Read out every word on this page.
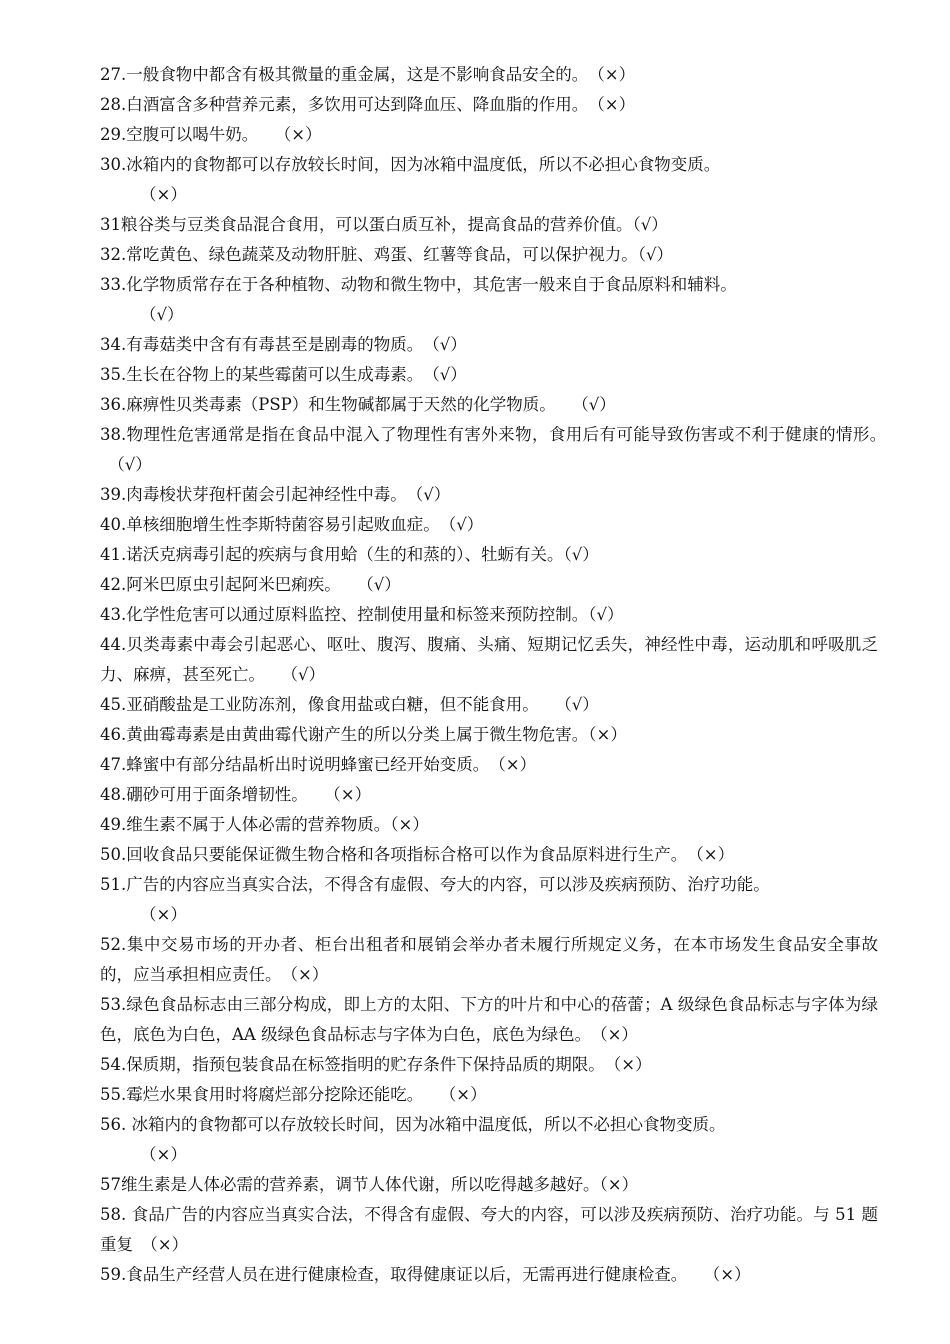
27.一般食物中都含有极其微量的重金属，这是不影响食品安全的。　（×）

28.白酒富含多种营养元素，多饮用可达到降血压、降血脂的作用。　（×）

29.空腹可以喝牛奶。　　（×）

30.冰箱内的食物都可以存放较长时间，因为冰箱中温度低，所以不必担心食物变质。
（×）

31粮谷类与豆类食品混合食用，可以蛋白质互补，提高食品的营养价值。（√）

32.常吃黄色、绿色蔬菜及动物肝脏、鸡蛋、红薯等食品，可以保护视力。（√）

33.化学物质常存在于各种植物、动物和微生物中，其危害一般来自于食品原料和辅料。
（√）

34.有毒菇类中含有有毒甚至是剧毒的物质。　（√）

35.生长在谷物上的某些霉菌可以生成毒素。　（√）

36.麻痹性贝类毒素（PSP）和生物碱都属于天然的化学物质。　　（√）

38.物理性危害通常是指在食品中混入了物理性有害外来物，食用后有可能导致伤害或不利于健康的情形。　（√）

39.肉毒梭状芽孢杆菌会引起神经性中毒。　（√）

40.单核细胞增生性李斯特菌容易引起败血症。　（√）

41.诺沃克病毒引起的疾病与食用蛤（生的和蒸的）、牡蛎有关。（√）

42.阿米巴原虫引起阿米巴痢疾。　　（√）

43.化学性危害可以通过原料监控、控制使用量和标签来预防控制。（√）

44.贝类毒素中毒会引起恶心、呕吐、腹泻、腹痛、头痛、短期记忆丢失，神经性中毒，运动肌和呼吸肌乏力、麻痹，甚至死亡。　　（√）

45.亚硝酸盐是工业防冻剂，像食用盐或白糖，但不能食用。　　（√）

46.黄曲霉毒素是由黄曲霉代谢产生的所以分类上属于微生物危害。（×）

47.蜂蜜中有部分结晶析出时说明蜂蜜已经开始变质。　（×）

48.硼砂可用于面条增韧性。　　（×）

49.维生素不属于人体必需的营养物质。（×）

50.回收食品只要能保证微生物合格和各项指标合格可以作为食品原料进行生产。　（×）

51.广告的内容应当真实合法，不得含有虚假、夸大的内容，可以涉及疾病预防、治疗功能。
（×）

52.集中交易市场的开办者、柜台出租者和展销会举办者未履行所规定义务，在本市场发生食品安全事故的，应当承担相应责任。　（×）

53.绿色食品标志由三部分构成，即上方的太阳、下方的叶片和中心的蓓蕾；A 级绿色食品标志与字体为绿色，底色为白色，AA 级绿色食品标志与字体为白色，底色为绿色。　（×）

54.保质期，指预包装食品在标签指明的贮存条件下保持品质的期限。　（×）

55.霉烂水果食用时将腐烂部分挖除还能吃。　　（×）

56. 冰箱内的食物都可以存放较长时间，因为冰箱中温度低，所以不必担心食物变质。
（×）

57维生素是人体必需的营养素，调节人体代谢，所以吃得越多越好。（×）

58. 食品广告的内容应当真实合法，不得含有虚假、夸大的内容，可以涉及疾病预防、治疗功能。与 51 题重复　（×）

59.食品生产经营人员在进行健康检查，取得健康证以后，无需再进行健康检查。　　（×）
